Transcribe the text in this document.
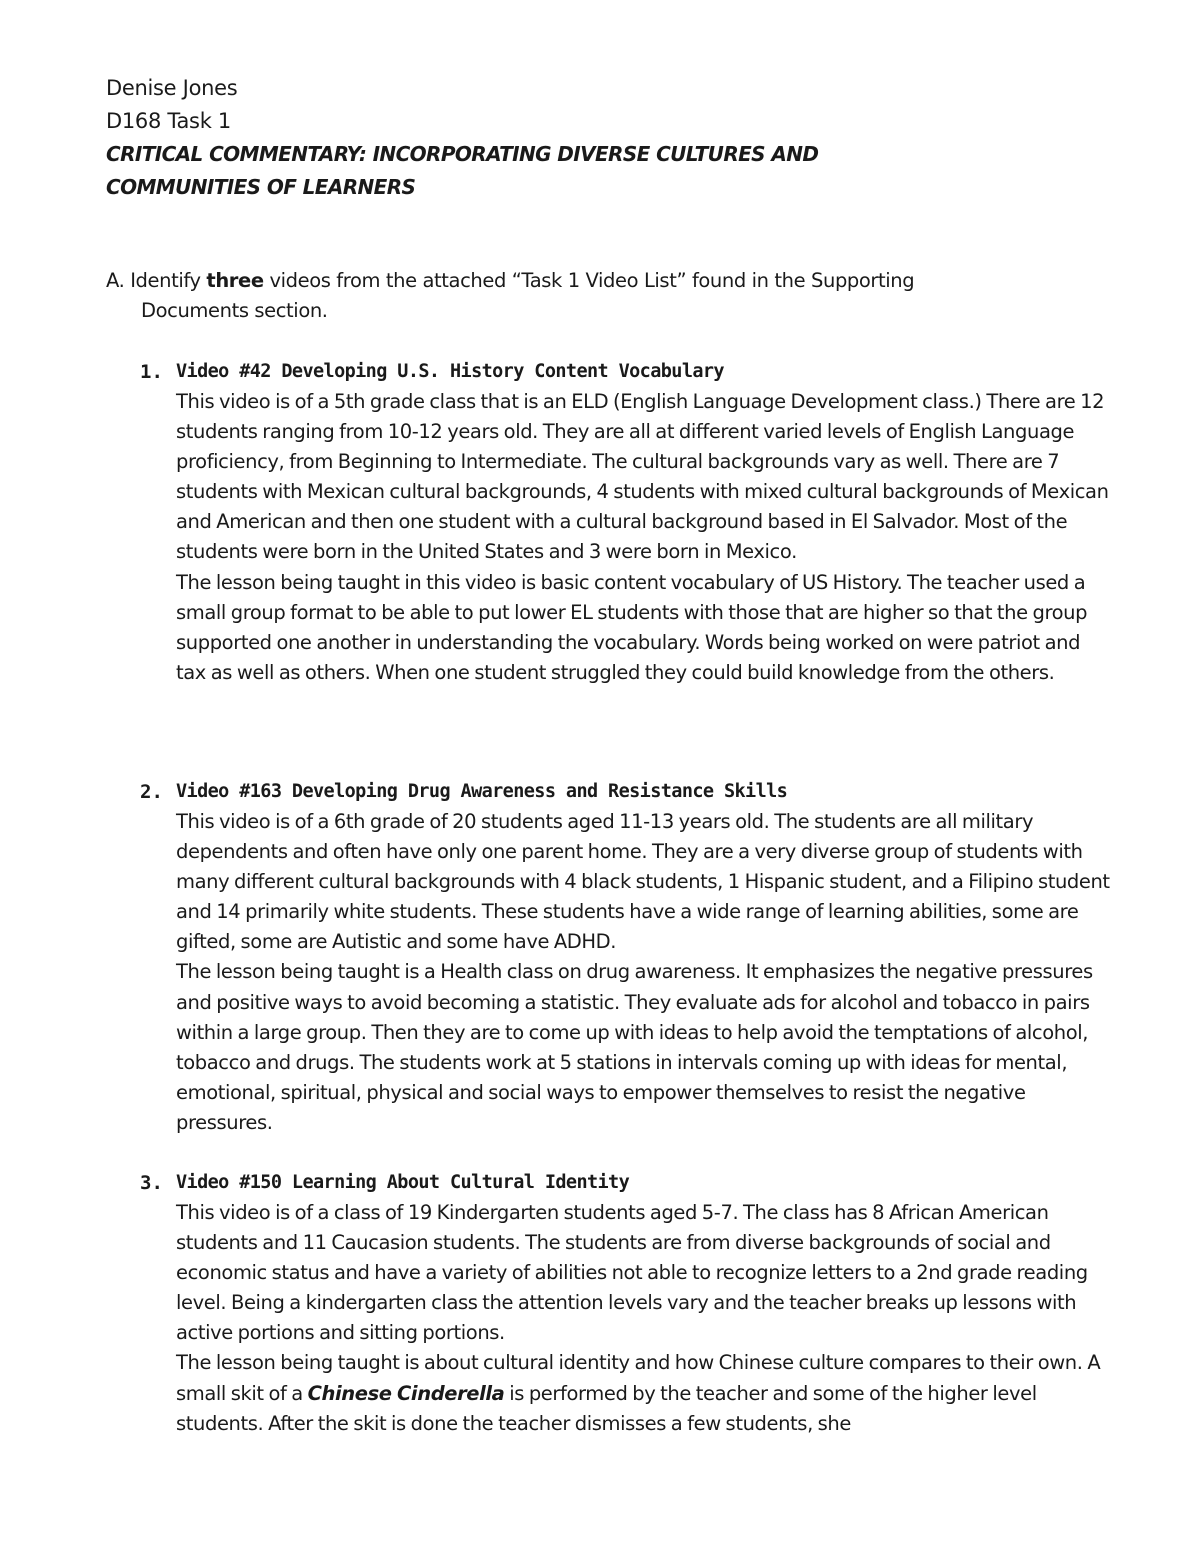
Denise Jones
D168 Task 1
CRITICAL COMMENTARY: INCORPORATING DIVERSE CULTURES AND
COMMUNITIES OF LEARNERS
A. Identify three videos from the attached “Task 1 Video List” found in the Supporting
Documents section.
1. Video #42 Developing U.S. History Content Vocabulary

This video is of a 5th grade class that is an ELD (English Language Development class.) There are 12 students ranging from 10-12 years old. They are all at different varied levels of English Language proficiency, from Beginning to Intermediate. The cultural backgrounds vary as well. There are 7 students with Mexican cultural backgrounds, 4 students with mixed cultural backgrounds of Mexican and American and then one student with a cultural background based in El Salvador. Most of the students were born in the United States and 3 were born in Mexico.

The lesson being taught in this video is basic content vocabulary of US History. The teacher used a small group format to be able to put lower EL students with those that are higher so that the group supported one another in understanding the vocabulary. Words being worked on were patriot and tax as well as others. When one student struggled they could build knowledge from the others.

2. Video #163 Developing Drug Awareness and Resistance Skills

This video is of a 6th grade of 20 students aged 11-13 years old. The students are all military dependents and often have only one parent home. They are a very diverse group of students with many different cultural backgrounds with 4 black students, 1 Hispanic student, and a Filipino student and 14 primarily white students. These students have a wide range of learning abilities, some are gifted, some are Autistic and some have ADHD.

The lesson being taught is a Health class on drug awareness. It emphasizes the negative pressures and positive ways to avoid becoming a statistic. They evaluate ads for alcohol and tobacco in pairs within a large group. Then they are to come up with ideas to help avoid the temptations of alcohol, tobacco and drugs. The students work at 5 stations in intervals coming up with ideas for mental, emotional, spiritual, physical and social ways to empower themselves to resist the negative pressures.

3. Video #150 Learning About Cultural Identity

This video is of a class of 19 Kindergarten students aged 5-7. The class has 8 African American students and 11 Caucasion students. The students are from diverse backgrounds of social and economic status and have a variety of abilities not able to recognize letters to a 2nd grade reading level. Being a kindergarten class the attention levels vary and the teacher breaks up lessons with active portions and sitting portions.

The lesson being taught is about cultural identity and how Chinese culture compares to their own. A small skit of a Chinese Cinderella is performed by the teacher and some of the higher level students. After the skit is done the teacher dismisses a few students, she
